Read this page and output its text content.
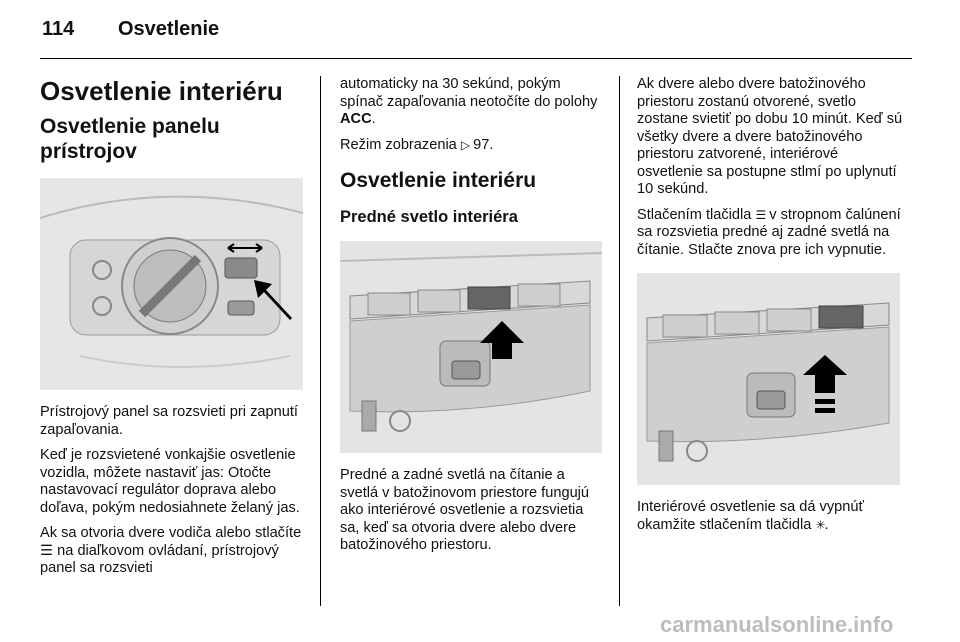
114 Osvetlenie
Osvetlenie interiéru
Osvetlenie panelu prístrojov

Prístrojový panel sa rozsvieti pri zapnutí zapaľovania.

Keď je rozsvietené vonkajšie osvetlenie vozidla, môžete nastaviť jas: Otočte nastavovací regulátor doprava alebo doľava, pokým nedosiahnete želaný jas.

Ak sa otvoria dvere vodiča alebo stlačíte ☰ na diaľkovom ovládaní, prístrojový panel sa rozsvieti

automaticky na 30 sekúnd, pokým spínač zapaľovania neotočíte do polohy ACC.

Režim zobrazenia ▷ 97.

Osvetlenie interiéru
Predné svetlo interiéra

Predné a zadné svetlá na čítanie a svetlá v batožinovom priestore fungujú ako interiérové osvetlenie a rozsvietia sa, keď sa otvoria dvere alebo dvere batožinového priestoru.

Ak dvere alebo dvere batožinového priestoru zostanú otvorené, svetlo zostane svietiť po dobu 10 minút. Keď sú všetky dvere a dvere batožinového priestoru zatvorené, interiérové osvetlenie sa postupne stlmí po uplynutí 10 sekúnd.

Stlačením tlačidla ☰ v stropnom čalúnení sa rozsvietia predné aj zadné svetlá na čítanie. Stlačte znova pre ich vypnutie.

Interiérové osvetlenie sa dá vypnúť okamžite stlačením tlačidla ✳.

carmanualsonline.info
